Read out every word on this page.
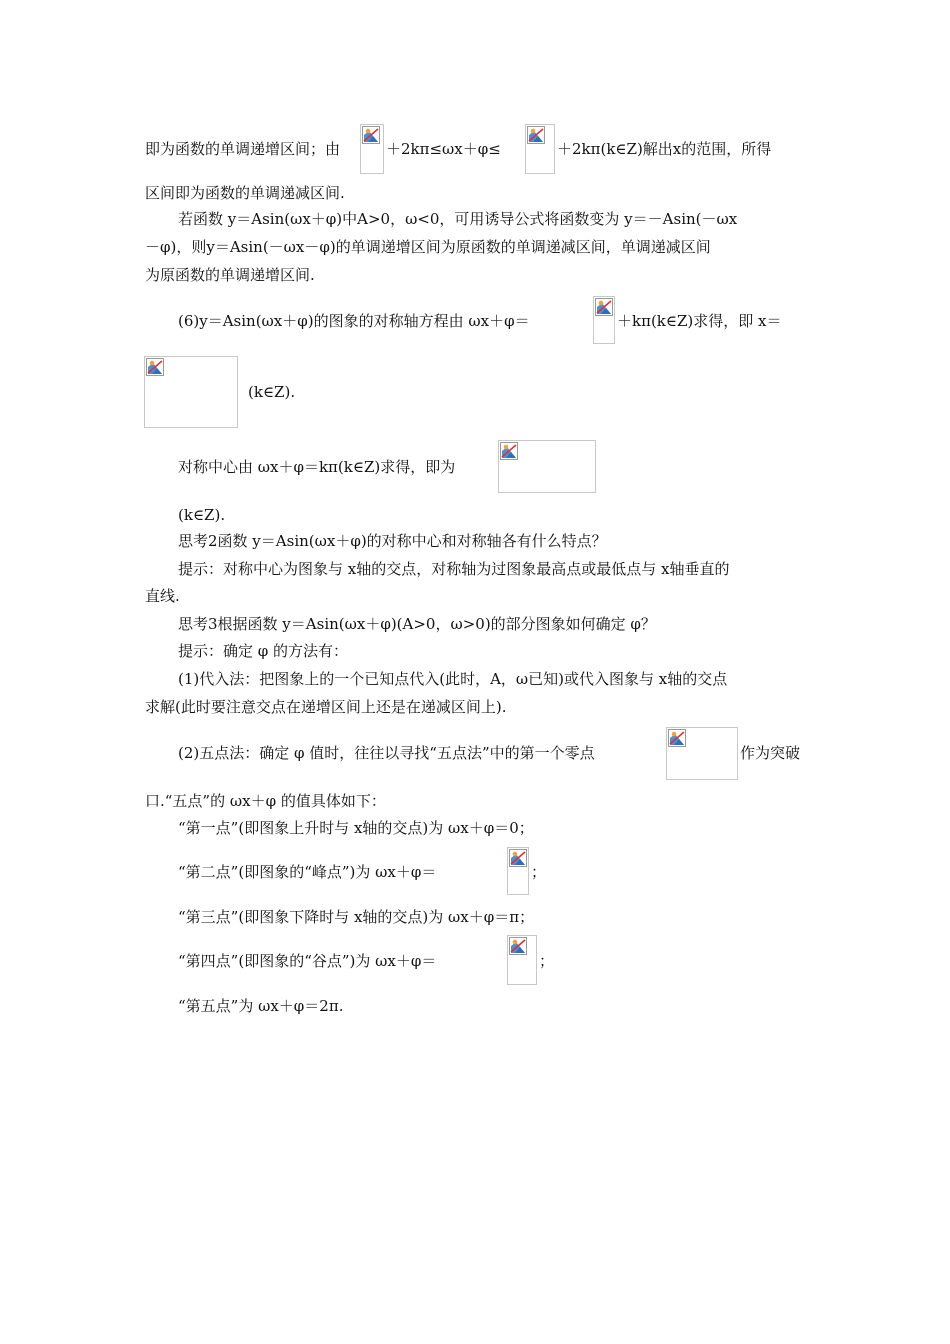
即为函数的单调递增区间；由	＋2kπ≤ωx＋φ≤	＋2kπ(k∈Z)解出x的范围，所得
区间即为函数的单调递减区间.
若函数 y＝Asin(ωx＋φ)中A>0，ω<0，可用诱导公式将函数变为 y＝－Asin(－ωx
－φ)，则y＝Asin(－ωx－φ)的单调递增区间为原函数的单调递减区间，单调递减区间
为原函数的单调递增区间.
(6)y＝Asin(ωx＋φ)的图象的对称轴方程由 ωx＋φ＝	＋kπ(k∈Z)求得，即 x＝
(k∈Z).
对称中心由 ωx＋φ＝kπ(k∈Z)求得，即为
(k∈Z).
思考2函数 y＝Asin(ωx＋φ)的对称中心和对称轴各有什么特点？
提示：对称中心为图象与 x轴的交点，对称轴为过图象最高点或最低点与 x轴垂直的
直线.
思考3根据函数 y＝Asin(ωx＋φ)(A>0，ω>0)的部分图象如何确定 φ？
提示：确定 φ 的方法有：
(1)代入法：把图象上的一个已知点代入(此时，A，ω已知)或代入图象与 x轴的交点
求解(此时要注意交点在递增区间上还是在递减区间上).
(2)五点法：确定 φ 值时，往往以寻找“五点法”中的第一个零点	作为突破
口.“五点”的 ωx＋φ 的值具体如下：
“第一点”(即图象上升时与 x轴的交点)为 ωx＋φ＝0；
“第二点”(即图象的“峰点”)为 ωx＋φ＝	；
“第三点”(即图象下降时与 x轴的交点)为 ωx＋φ＝π；
“第四点”(即图象的“谷点”)为 ωx＋φ＝	；
“第五点”为 ωx＋φ＝2π.
